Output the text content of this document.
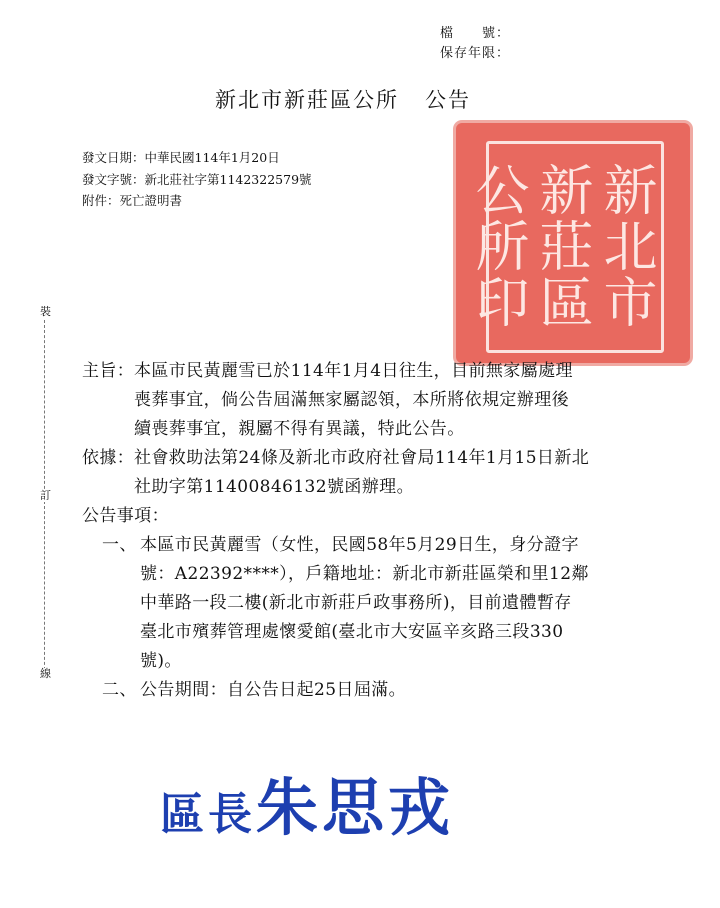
檔　　號：
保存年限：
新北市新莊區公所 公告
發文日期：中華民國114年1月20日
發文字號：新北莊社字第1142322579號
附件：死亡證明書
裝
訂
線
新北市新莊區公所印
主旨： 本區市民黃麗雪已於114年1月4日往生，目前無家屬處理
喪葬事宜，倘公告屆滿無家屬認領，本所將依規定辦理後
續喪葬事宜，親屬不得有異議，特此公告。
依據： 社會救助法第24條及新北市政府社會局114年1月15日新北
社助字第11400846132號函辦理。
公告事項：
一、 本區市民黃麗雪（女性，民國58年5月29日生，身分證字
號：A22392****），戶籍地址：新北市新莊區榮和里12鄰
中華路一段二樓(新北市新莊戶政事務所)，目前遺體暫存
臺北市殯葬管理處懷愛館(臺北市大安區辛亥路三段330
號)。
二、 公告期間：自公告日起25日屆滿。
區長朱思戎
